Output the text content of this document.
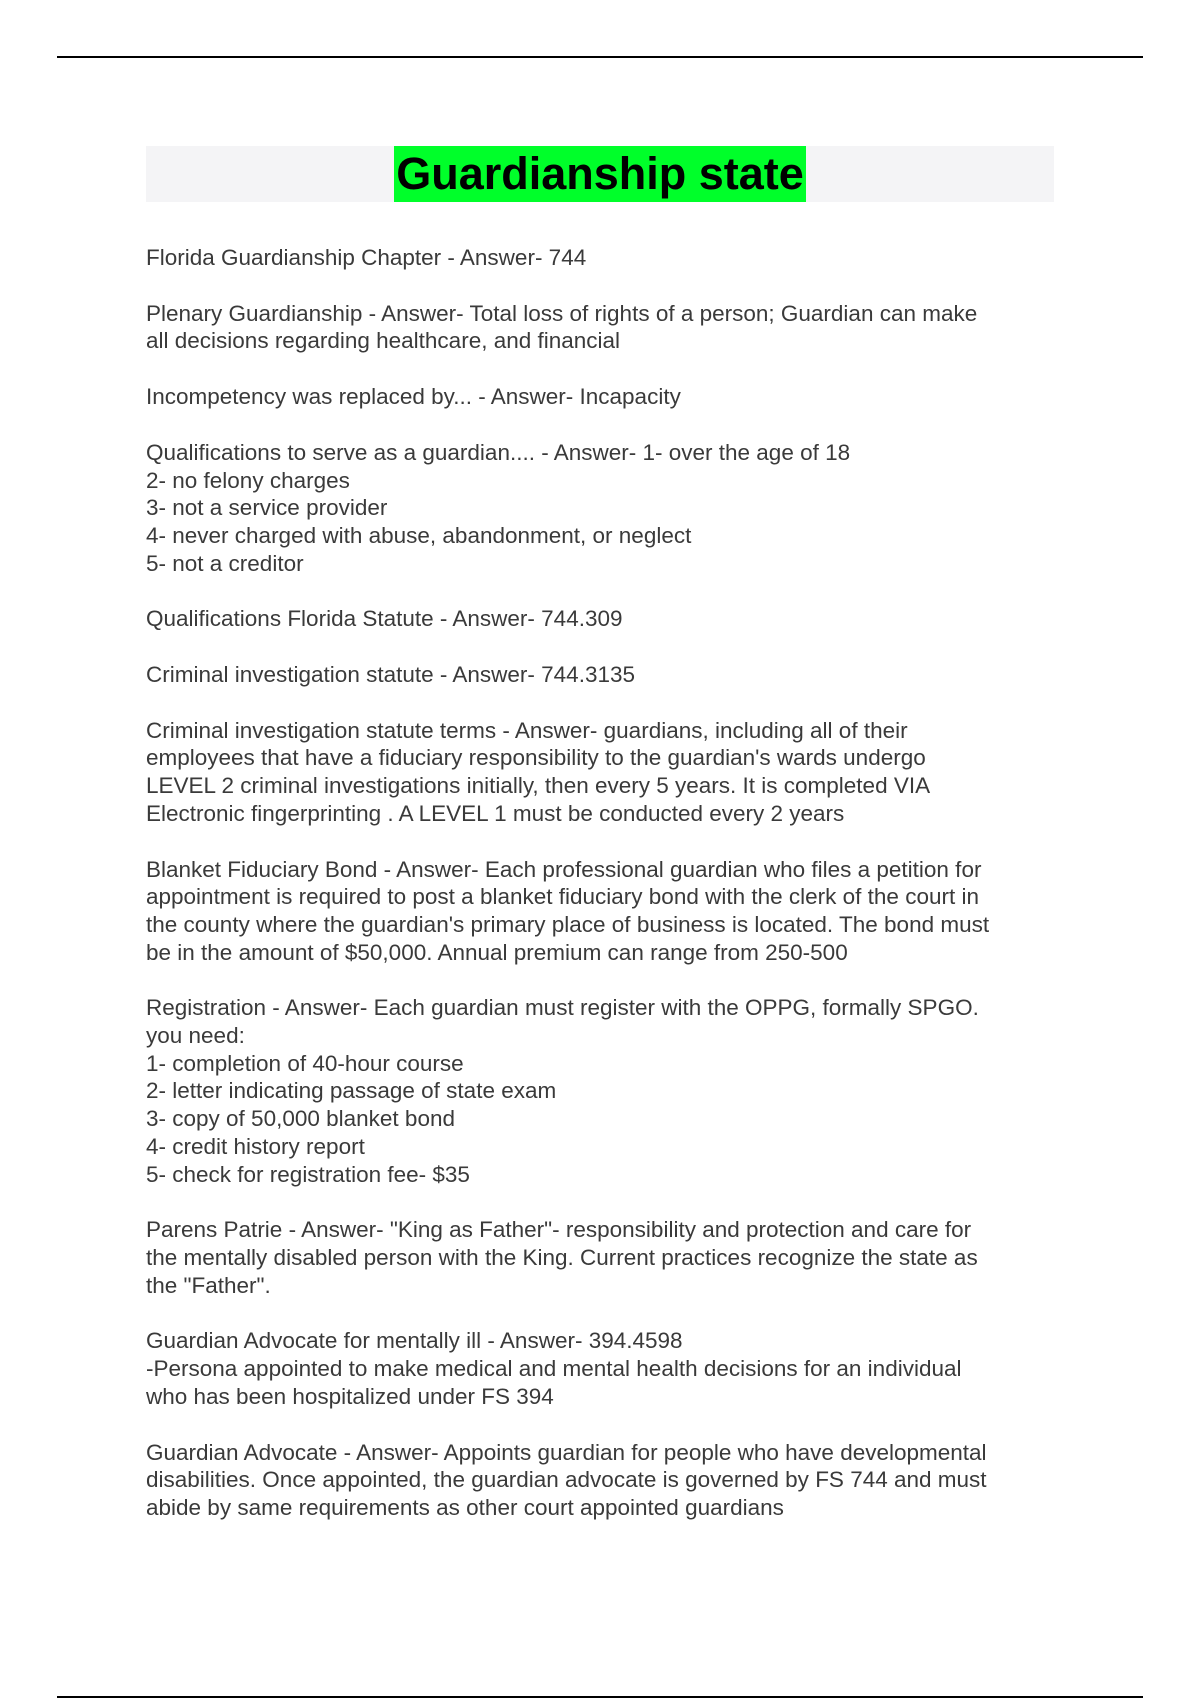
Guardianship state
Florida Guardianship Chapter - Answer- 744
Plenary Guardianship - Answer- Total loss of rights of a person; Guardian can make
all decisions regarding healthcare, and financial
Incompetency was replaced by... - Answer- Incapacity
Qualifications to serve as a guardian.... - Answer- 1- over the age of 18
2- no felony charges
3- not a service provider
4- never charged with abuse, abandonment, or neglect
5- not a creditor
Qualifications Florida Statute - Answer- 744.309
Criminal investigation statute - Answer- 744.3135
Criminal investigation statute terms - Answer- guardians, including all of their
employees that have a fiduciary responsibility to the guardian's wards undergo
LEVEL 2 criminal investigations initially, then every 5 years. It is completed VIA
Electronic fingerprinting . A LEVEL 1 must be conducted every 2 years
Blanket Fiduciary Bond - Answer- Each professional guardian who files a petition for
appointment is required to post a blanket fiduciary bond with the clerk of the court in
the county where the guardian's primary place of business is located. The bond must
be in the amount of $50,000. Annual premium can range from 250-500
Registration - Answer- Each guardian must register with the OPPG, formally SPGO.
you need:
1- completion of 40-hour course
2- letter indicating passage of state exam
3- copy of 50,000 blanket bond
4- credit history report
5- check for registration fee- $35
Parens Patrie - Answer- "King as Father"- responsibility and protection and care for
the mentally disabled person with the King. Current practices recognize the state as
the "Father".
Guardian Advocate for mentally ill - Answer- 394.4598
-Persona appointed to make medical and mental health decisions for an individual
who has been hospitalized under FS 394
Guardian Advocate - Answer- Appoints guardian for people who have developmental
disabilities. Once appointed, the guardian advocate is governed by FS 744 and must
abide by same requirements as other court appointed guardians
